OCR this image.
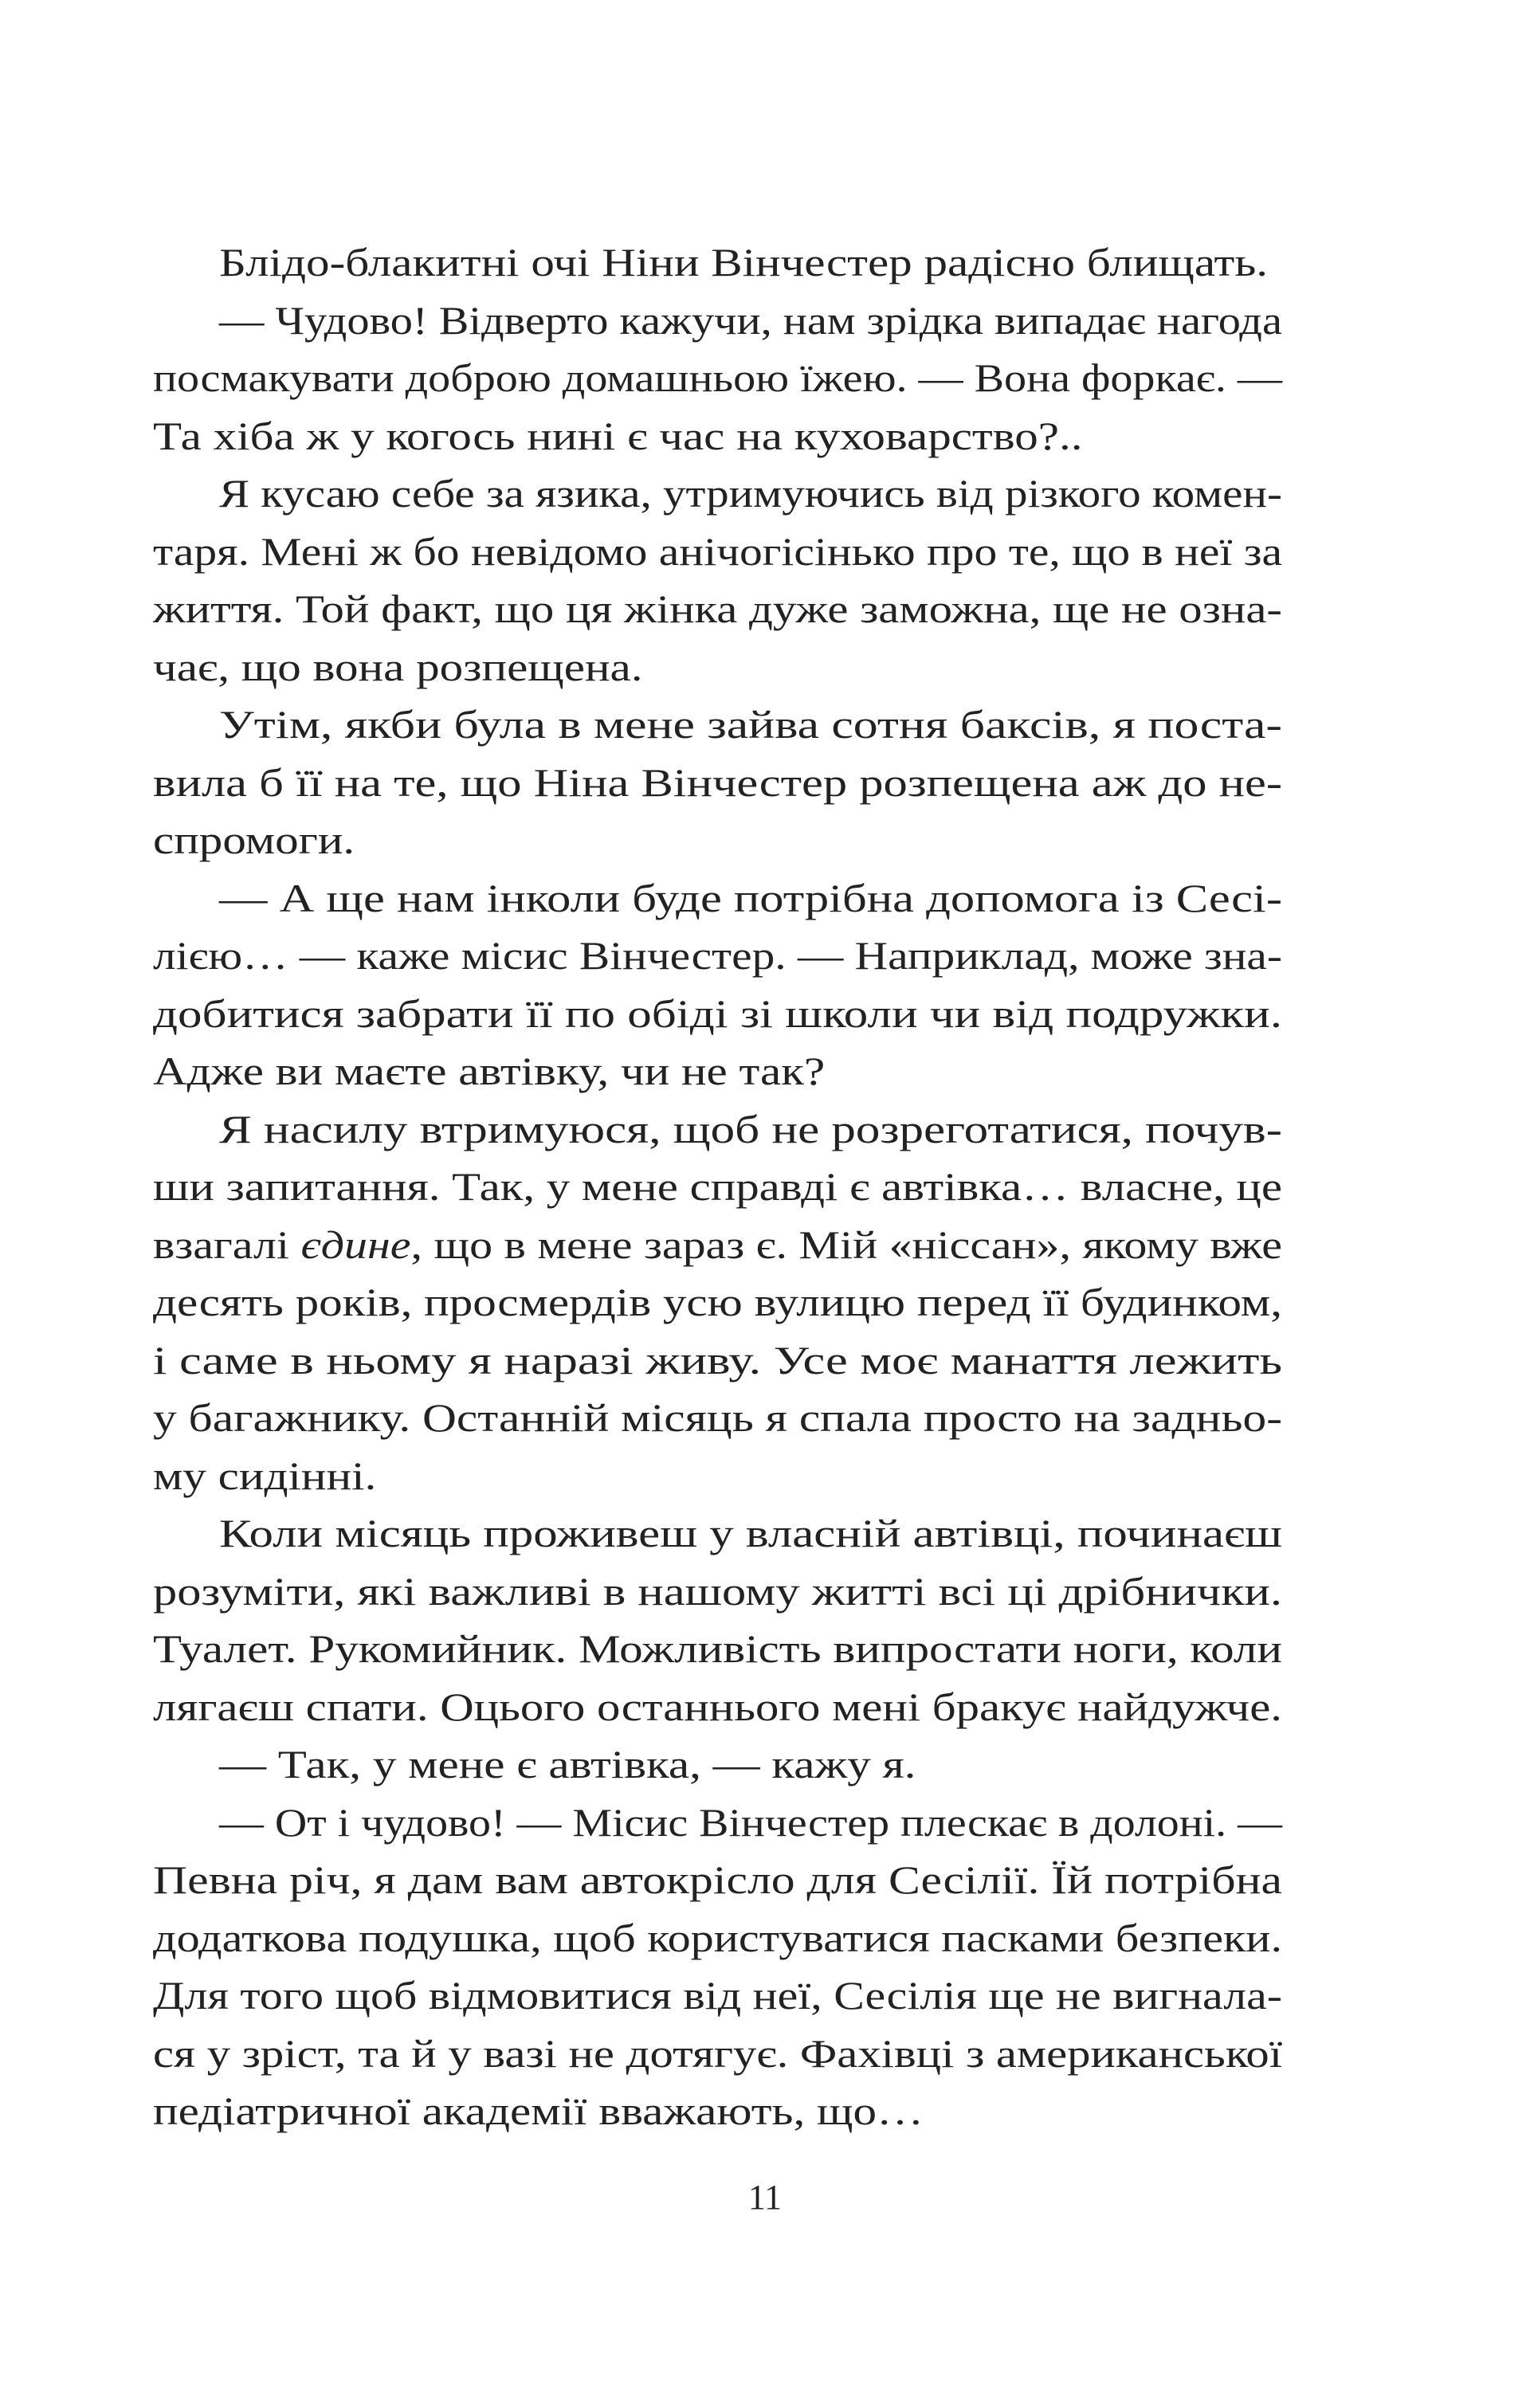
Блідо-блакитні очі Ніни Вінчестер радісно блищать.
— Чудово! Відверто кажучи, нам зрідка випадає нагода
посмакувати доброю домашньою їжею. — Вона форкає. —
Та хіба ж у когось нині є час на куховарство?..
Я кусаю себе за язика, утримуючись від різкого комен-
таря. Мені ж бо невідомо анічогісінько про те, що в неї за
життя. Той факт, що ця жінка дуже заможна, ще не озна-
чає, що вона розпещена.
Утім, якби була в мене зайва сотня баксів, я поста-
вила б її на те, що Ніна Вінчестер розпещена аж до не-
спромоги.
— А ще нам інколи буде потрібна допомога із Сесі-
лією… — каже місис Вінчестер. — Наприклад, може зна-
добитися забрати її по обіді зі школи чи від подружки.
Адже ви маєте автівку, чи не так?
Я насилу втримуюся, щоб не розреготатися, почув-
ши запитання. Так, у мене справді є автівка… власне, це
взагалі єдине, що в мене зараз є. Мій «ніссан», якому вже
десять років, просмердів усю вулицю перед її будинком,
і саме в ньому я наразі живу. Усе моє манаття лежить
у багажнику. Останній місяць я спала просто на задньо-
му сидінні.
Коли місяць проживеш у власній автівці, починаєш
розуміти, які важливі в нашому житті всі ці дрібнички.
Туалет. Рукомийник. Можливість випростати ноги, коли
лягаєш спати. Оцього останнього мені бракує найдужче.
— Так, у мене є автівка, — кажу я.
— От і чудово! — Місис Вінчестер плескає в долоні. —
Певна річ, я дам вам автокрісло для Сесілії. Їй потрібна
додаткова подушка, щоб користуватися пасками безпеки.
Для того щоб відмовитися від неї, Сесілія ще не вигнала-
ся у зріст, та й у вазі не дотягує. Фахівці з американської
педіатричної академії вважають, що…
11
